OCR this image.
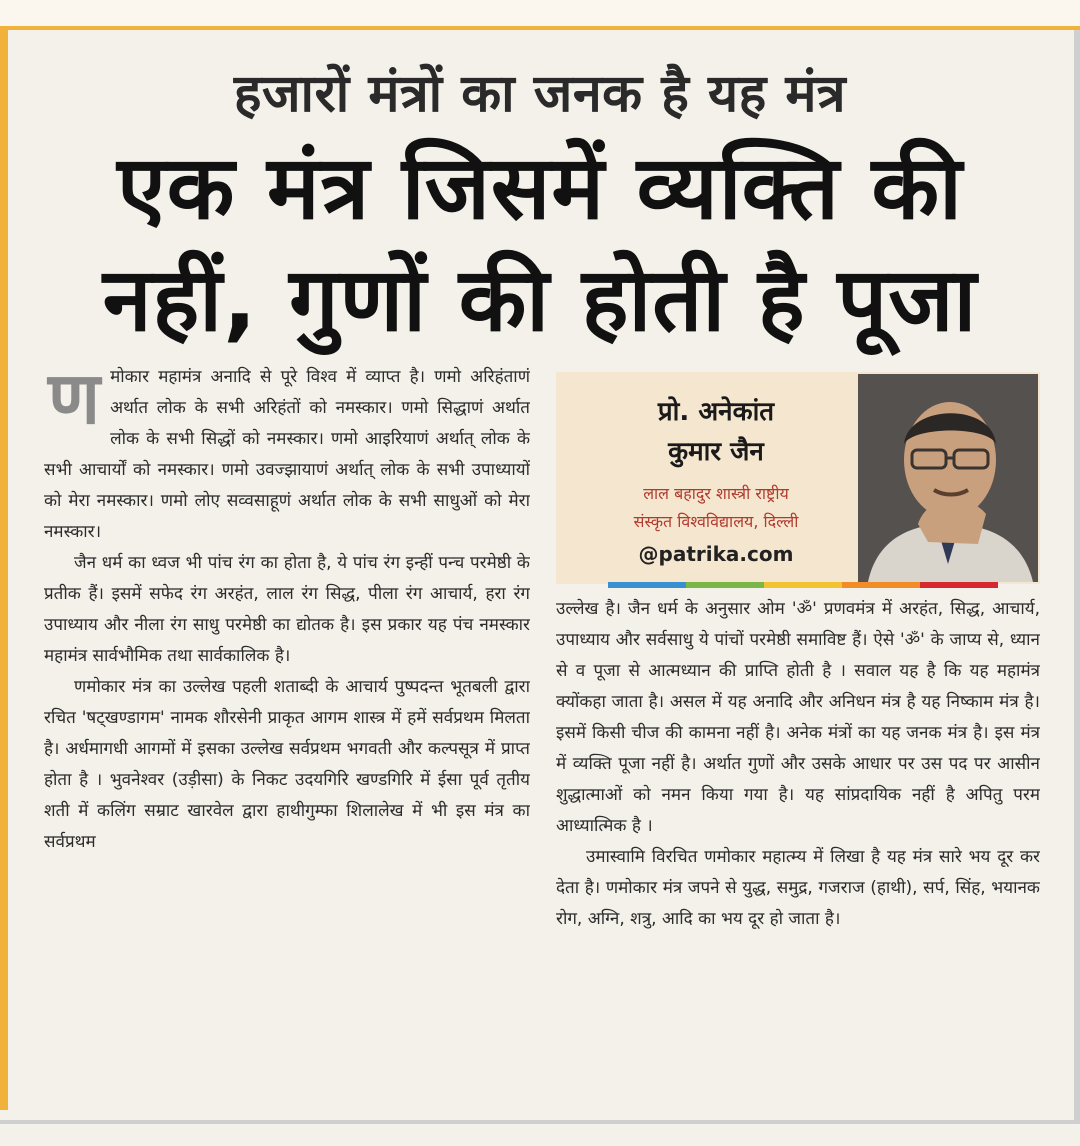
हजारों मंत्रों का जनक है यह मंत्र
एक मंत्र जिसमें व्यक्ति की
नहीं, गुणों की होती है पूजा
ण मोकार महामंत्र अनादि से पूरे विश्व में व्याप्त है। णमो अरिहंताणं अर्थात लोक के सभी अरिहंतों को नमस्कार। णमो सिद्धाणं अर्थात लोक के सभी सिद्धों को नमस्कार। णमो आइरियाणं अर्थात् लोक के सभी आचार्यों को नमस्कार। णमो उवज्झायाणं अर्थात् लोक के सभी उपाध्यायों को मेरा नमस्कार। णमो लोए सव्वसाहूणं अर्थात लोक के सभी साधुओं को मेरा नमस्कार।

जैन धर्म का ध्वज भी पांच रंग का होता है, ये पांच रंग इन्हीं पन्च परमेष्ठी के प्रतीक हैं। इसमें सफेद रंग अरहंत, लाल रंग सिद्ध, पीला रंग आचार्य, हरा रंग उपाध्याय और नीला रंग साधु परमेष्ठी का द्योतक है। इस प्रकार यह पंच नमस्कार महामंत्र सार्वभौमिक तथा सार्वकालिक है।

णमोकार मंत्र का उल्लेख पहली शताब्दी के आचार्य पुष्पदन्त भूतबली द्वारा रचित 'षट्खण्डागम' नामक शौरसेनी प्राकृत आगम शास्त्र में हमें सर्वप्रथम मिलता है। अर्धमागधी आगमों में इसका उल्लेख सर्वप्रथम भगवती और कल्पसूत्र में प्राप्त होता है । भुवनेश्वर (उड़ीसा) के निकट उदयगिरि खण्डगिरि में ईसा पूर्व तृतीय शती में कलिंग सम्राट खारवेल द्वारा हाथीगुम्फा शिलालेख में भी इस मंत्र का सर्वप्रथम

प्रो. अनेकांत
कुमार जैन
लाल बहादुर शास्त्री राष्ट्रीय
संस्कृत विश्वविद्यालय, दिल्ली
@patrika.com

उल्लेख है। जैन धर्म के अनुसार ओम 'ॐ' प्रणवमंत्र में अरहंत, सिद्ध, आचार्य, उपाध्याय और सर्वसाधु ये पांचों परमेष्ठी समाविष्ट हैं। ऐसे 'ॐ' के जाप्य से, ध्यान से व पूजा से आत्मध्यान की प्राप्ति होती है । सवाल यह है कि यह महामंत्र क्योंकहा जाता है। असल में यह अनादि और अनिधन मंत्र है यह निष्काम मंत्र है। इसमें किसी चीज की कामना नहीं है। अनेक मंत्रों का यह जनक मंत्र है। इस मंत्र में व्यक्ति पूजा नहीं है। अर्थात गुणों और उसके आधार पर उस पद पर आसीन शुद्धात्माओं को नमन किया गया है। यह सांप्रदायिक नहीं है अपितु परम आध्यात्मिक है ।

उमास्वामि विरचित णमोकार महात्म्य में लिखा है यह मंत्र सारे भय दूर कर देता है। णमोकार मंत्र जपने से युद्ध, समुद्र, गजराज (हाथी), सर्प, सिंह, भयानक रोग, अग्नि, शत्रु, आदि का भय दूर हो जाता है।
